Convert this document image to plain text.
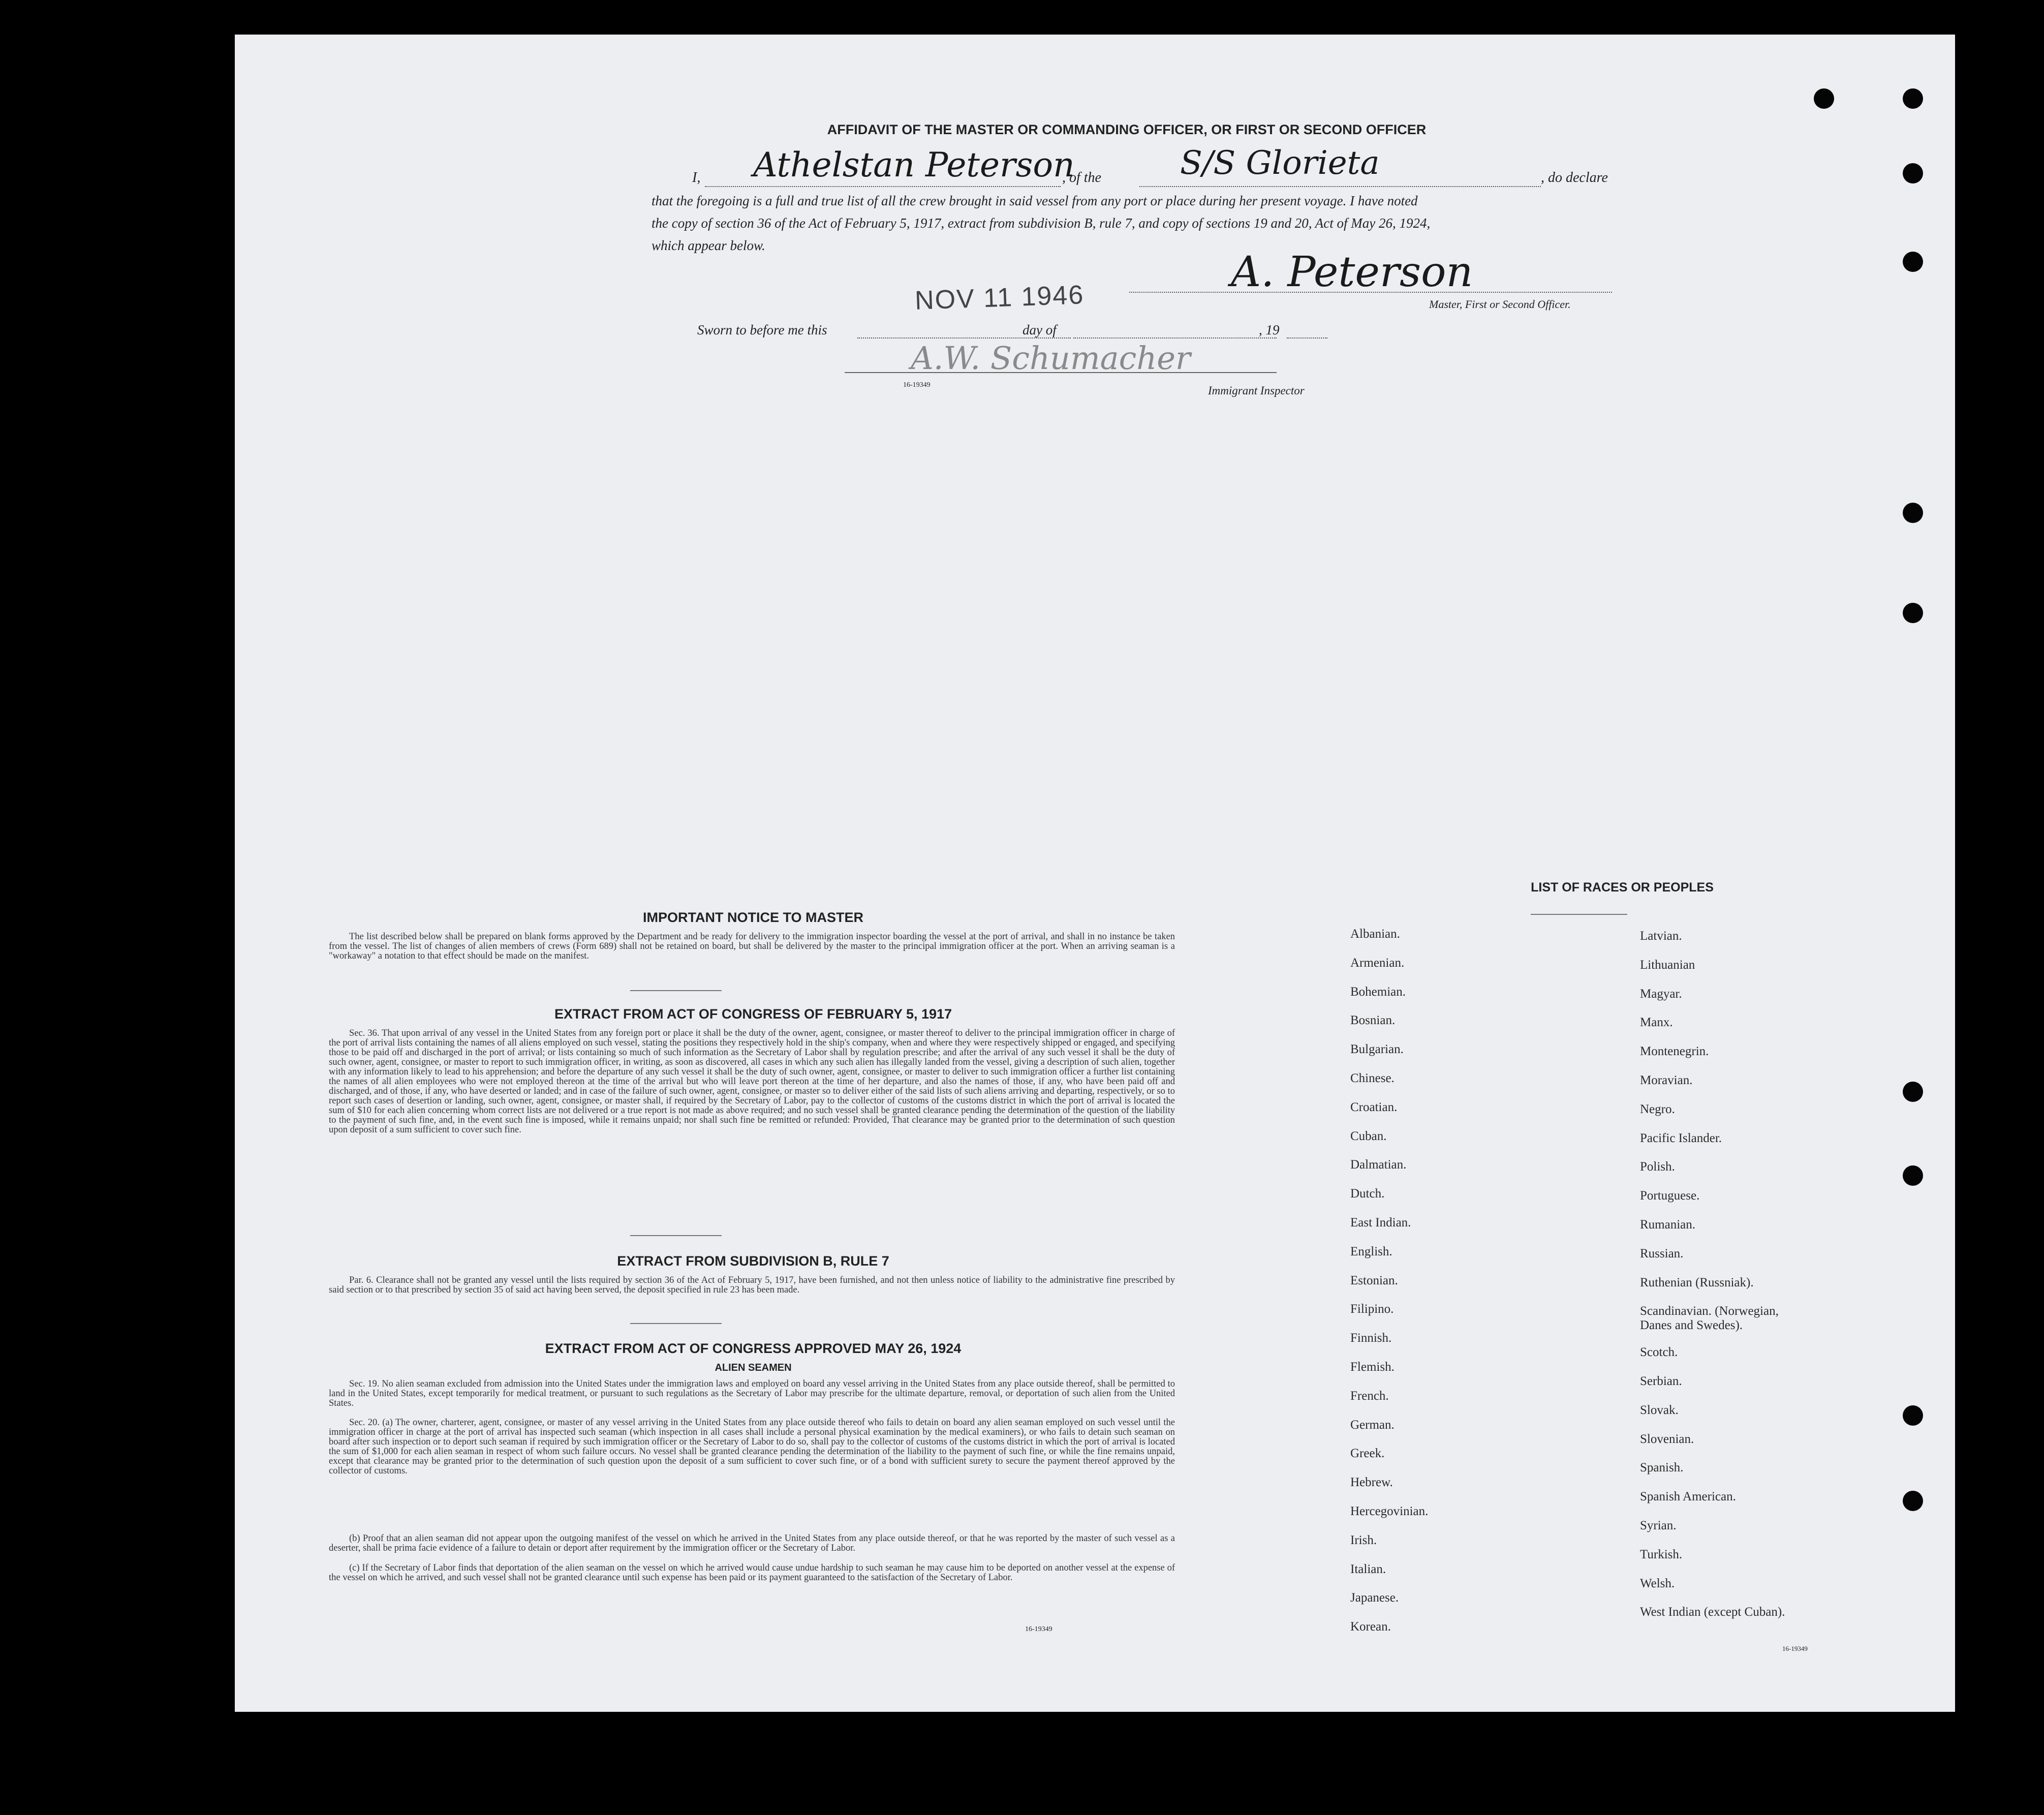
AFFIDAVIT OF THE MASTER OR COMMANDING OFFICER, OR FIRST OR SECOND OFFICER
I, Athelstan Peterson
, of the S/S Glorieta	, do declare
that the foregoing is a full and true list of all the crew brought in said vessel from any port or place during her present voyage. I have noted
the copy of section 36 of the Act of February 5, 1917, extract from subdivision B, rule 7, and copy of sections 19 and 20, Act of May 26, 1924,
which appear below.
NOV 11 1946
A. Peterson
Master, First or Second Officer.
Sworn to before me this	day of	, 19
A.W. Schumacher
16-19349	Immigrant Inspector
IMPORTANT NOTICE TO MASTER
The list described below shall be prepared on blank forms approved by the Department and be ready for delivery to the immigration inspector boarding the vessel at the port of arrival, and shall in no instance be taken from the vessel. The list of changes of alien members of crews (Form 689) shall not be retained on board, but shall be delivered by the master to the principal immigration officer at the port. When an arriving seaman is a "workaway" a notation to that effect should be made on the manifest.
EXTRACT FROM ACT OF CONGRESS OF FEBRUARY 5, 1917
Sec. 36. That upon arrival of any vessel in the United States from any foreign port or place it shall be the duty of the owner, agent, consignee, or master thereof to deliver to the principal immigration officer in charge of the port of arrival lists containing the names of all aliens employed on such vessel, stating the positions they respectively hold in the ship's company, when and where they were respectively shipped or engaged, and specifying those to be paid off and discharged in the port of arrival; or lists containing so much of such information as the Secretary of Labor shall by regulation prescribe; and after the arrival of any such vessel it shall be the duty of such owner, agent, consignee, or master to report to such immigration officer, in writing, as soon as discovered, all cases in which any such alien has illegally landed from the vessel, giving a description of such alien, together with any information likely to lead to his apprehension; and before the departure of any such vessel it shall be the duty of such owner, agent, consignee, or master to deliver to such immigration officer a further list containing the names of all alien employees who were not employed thereon at the time of the arrival but who will leave port thereon at the time of her departure, and also the names of those, if any, who have been paid off and discharged, and of those, if any, who have deserted or landed; and in case of the failure of such owner, agent, consignee, or master so to deliver either of the said lists of such aliens arriving and departing, respectively, or so to report such cases of desertion or landing, such owner, agent, consignee, or master shall, if required by the Secretary of Labor, pay to the collector of customs of the customs district in which the port of arrival is located the sum of $10 for each alien concerning whom correct lists are not delivered or a true report is not made as above required; and no such vessel shall be granted clearance pending the determination of the question of the liability to the payment of such fine, and, in the event such fine is imposed, while it remains unpaid; nor shall such fine be remitted or refunded: Provided, That clearance may be granted prior to the determination of such question upon deposit of a sum sufficient to cover such fine.
EXTRACT FROM SUBDIVISION B, RULE 7
Par. 6. Clearance shall not be granted any vessel until the lists required by section 36 of the Act of February 5, 1917, have been furnished, and not then unless notice of liability to the administrative fine prescribed by said section or to that prescribed by section 35 of said act having been served, the deposit specified in rule 23 has been made.
EXTRACT FROM ACT OF CONGRESS APPROVED MAY 26, 1924
ALIEN SEAMEN
Sec. 19. No alien seaman excluded from admission into the United States under the immigration laws and employed on board any vessel arriving in the United States from any place outside thereof, shall be permitted to land in the United States, except temporarily for medical treatment, or pursuant to such regulations as the Secretary of Labor may prescribe for the ultimate departure, removal, or deportation of such alien from the United States.
Sec. 20. (a) The owner, charterer, agent, consignee, or master of any vessel arriving in the United States from any place outside thereof who fails to detain on board any alien seaman employed on such vessel until the immigration officer in charge at the port of arrival has inspected such seaman (which inspection in all cases shall include a personal physical examination by the medical examiners), or who fails to detain such seaman on board after such inspection or to deport such seaman if required by such immigration officer or the Secretary of Labor to do so, shall pay to the collector of customs of the customs district in which the port of arrival is located the sum of $1,000 for each alien seaman in respect of whom such failure occurs. No vessel shall be granted clearance pending the determination of the liability to the payment of such fine, or while the fine remains unpaid, except that clearance may be granted prior to the determination of such question upon the deposit of a sum sufficient to cover such fine, or of a bond with sufficient surety to secure the payment thereof approved by the collector of customs.
(b) Proof that an alien seaman did not appear upon the outgoing manifest of the vessel on which he arrived in the United States from any place outside thereof, or that he was reported by the master of such vessel as a deserter, shall be prima facie evidence of a failure to detain or deport after requirement by the immigration officer or the Secretary of Labor.
(c) If the Secretary of Labor finds that deportation of the alien seaman on the vessel on which he arrived would cause undue hardship to such seaman he may cause him to be deported on another vessel at the expense of the vessel on which he arrived, and such vessel shall not be granted clearance until such expense has been paid or its payment guaranteed to the satisfaction of the Secretary of Labor.
16-19349
LIST OF RACES OR PEOPLES
16-19349
Albanian.
Armenian.
Bohemian.
Bosnian.
Bulgarian.
Chinese.
Croatian.
Cuban.
Dalmatian.
Dutch.
East Indian.
English.
Estonian.
Filipino.
Finnish.
Flemish.
French.
German.
Greek.
Hebrew.
Hercegovinian.
Irish.
Italian.
Japanese.
Korean.
Latvian.
Lithuanian
Magyar.
Manx.
Montenegrin.
Moravian.
Negro.
Pacific Islander.
Polish.
Portuguese.
Rumanian.
Russian.
Ruthenian (Russniak).
Scandinavian. (Norwegian,
Danes and Swedes).
Scotch.
Serbian.
Slovak.
Slovenian.
Spanish.
Spanish American.
Syrian.
Turkish.
Welsh.
West Indian (except Cuban).
